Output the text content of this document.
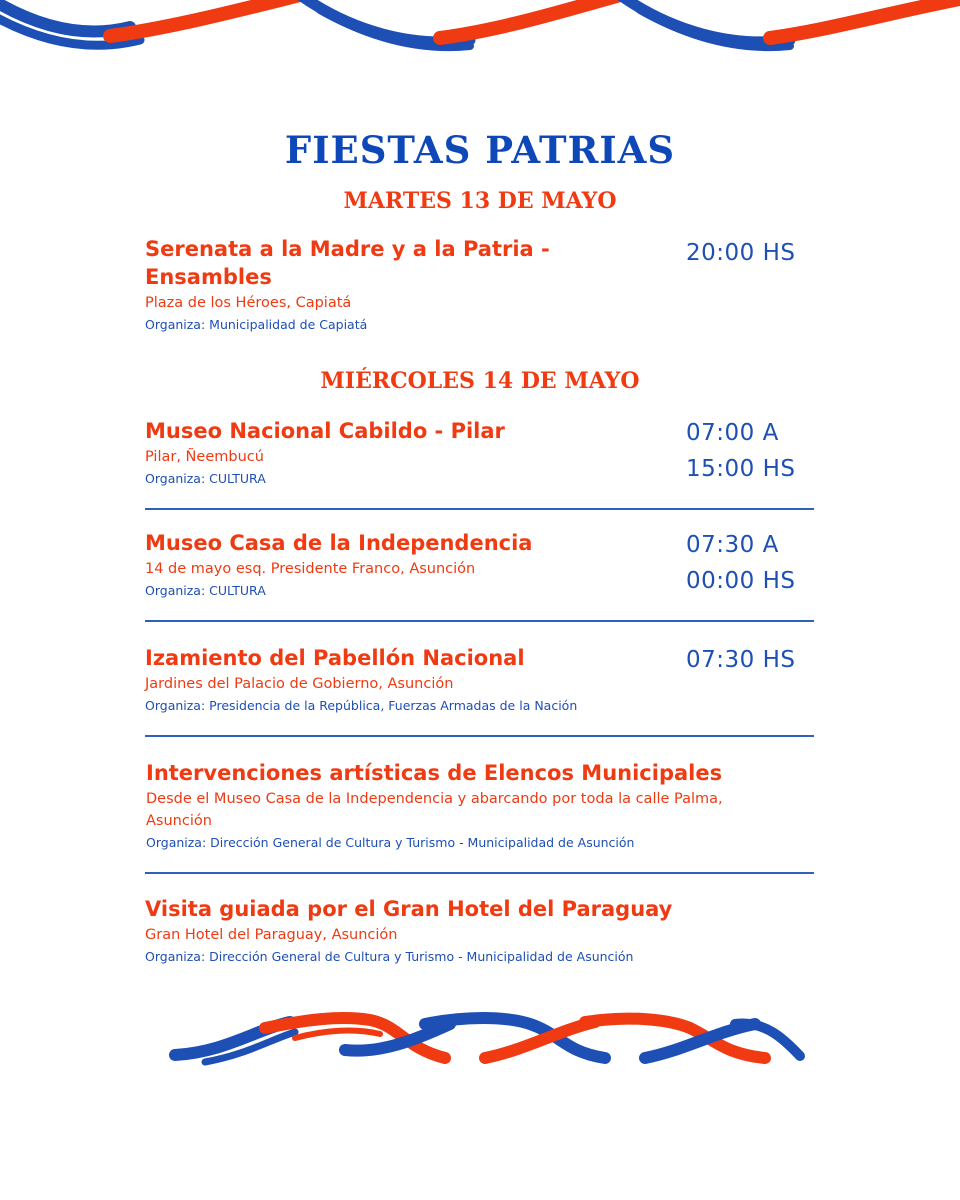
FIESTAS PATRIAS
MARTES 13 DE MAYO
Serenata a la Madre y a la Patria - Ensambles
Plaza de los Héroes, Capiatá
Organiza: Municipalidad de Capiatá
20:00 HS
MIÉRCOLES 14 DE MAYO
Museo Nacional Cabildo - Pilar
Pilar, Ñeembucú
Organiza: CULTURA
07:00 A
15:00 HS
Museo Casa de la Independencia
14 de mayo esq. Presidente Franco, Asunción
Organiza: CULTURA
07:30 A
00:00 HS
Izamiento del Pabellón Nacional
Jardines del Palacio de Gobierno, Asunción
Organiza: Presidencia de la República, Fuerzas Armadas de la Nación
07:30 HS
Intervenciones artísticas de Elencos Municipales
Desde el Museo Casa de la Independencia y abarcando por toda la calle Palma,
Asunción
Organiza: Dirección General de Cultura y Turismo - Municipalidad de Asunción
Visita guiada por el Gran Hotel del Paraguay
Gran Hotel del Paraguay, Asunción
Organiza: Dirección General de Cultura y Turismo - Municipalidad de Asunción
